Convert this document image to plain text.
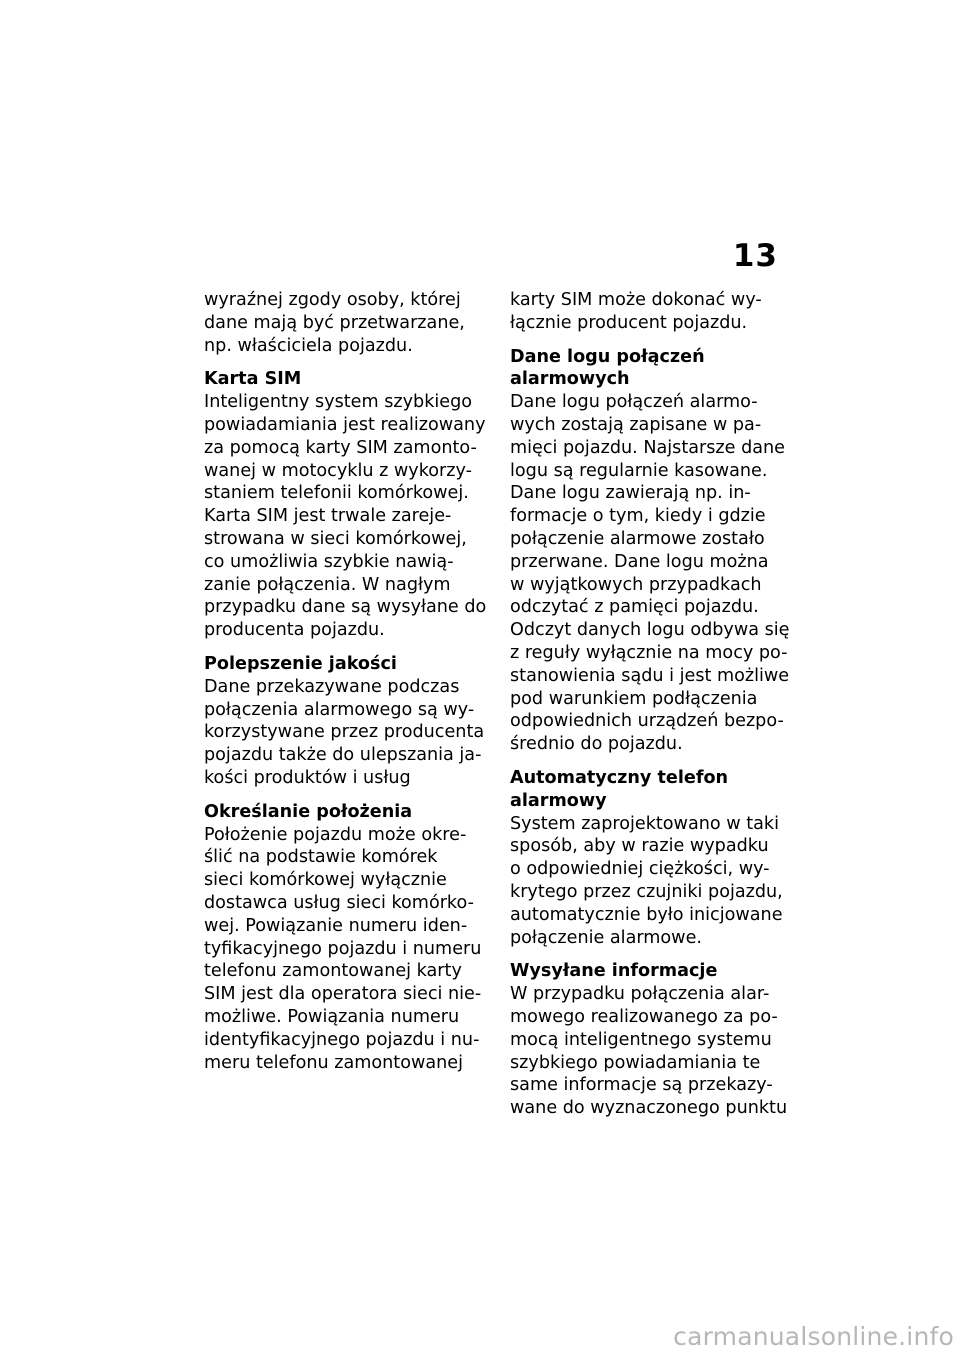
13
wyraźnej zgody osoby, której
dane mają być przetwarzane,
np. właściciela pojazdu.
Karta SIM
Inteligentny system szybkiego
powiadamiania jest realizowany
za pomocą karty SIM zamonto-
wanej w motocyklu z wykorzy-
staniem telefonii komórkowej.
Karta SIM jest trwale zareje-
strowana w sieci komórkowej,
co umożliwia szybkie nawią-
zanie połączenia. W nagłym
przypadku dane są wysyłane do
producenta pojazdu.
Polepszenie jakości
Dane przekazywane podczas
połączenia alarmowego są wy-
korzystywane przez producenta
pojazdu także do ulepszania ja-
kości produktów i usług
Określanie położenia
Położenie pojazdu może okre-
ślić na podstawie komórek
sieci komórkowej wyłącznie
dostawca usług sieci komórko-
wej. Powiązanie numeru iden-
tyfikacyjnego pojazdu i numeru
telefonu zamontowanej karty
SIM jest dla operatora sieci nie-
możliwe. Powiązania numeru
identyfikacyjnego pojazdu i nu-
meru telefonu zamontowanej
karty SIM może dokonać wy-
łącznie producent pojazdu.
Dane logu połączeń
alarmowych
Dane logu połączeń alarmo-
wych zostają zapisane w pa-
mięci pojazdu. Najstarsze dane
logu są regularnie kasowane.
Dane logu zawierają np. in-
formacje o tym, kiedy i gdzie
połączenie alarmowe zostało
przerwane. Dane logu można
w wyjątkowych przypadkach
odczytać z pamięci pojazdu.
Odczyt danych logu odbywa się
z reguły wyłącznie na mocy po-
stanowienia sądu i jest możliwe
pod warunkiem podłączenia
odpowiednich urządzeń bezpo-
średnio do pojazdu.
Automatyczny telefon
alarmowy
System zaprojektowano w taki
sposób, aby w razie wypadku
o odpowiedniej ciężkości, wy-
krytego przez czujniki pojazdu,
automatycznie było inicjowane
połączenie alarmowe.
Wysyłane informacje
W przypadku połączenia alar-
mowego realizowanego za po-
mocą inteligentnego systemu
szybkiego powiadamiania te
same informacje są przekazy-
wane do wyznaczonego punktu
carmanualsonline.info
